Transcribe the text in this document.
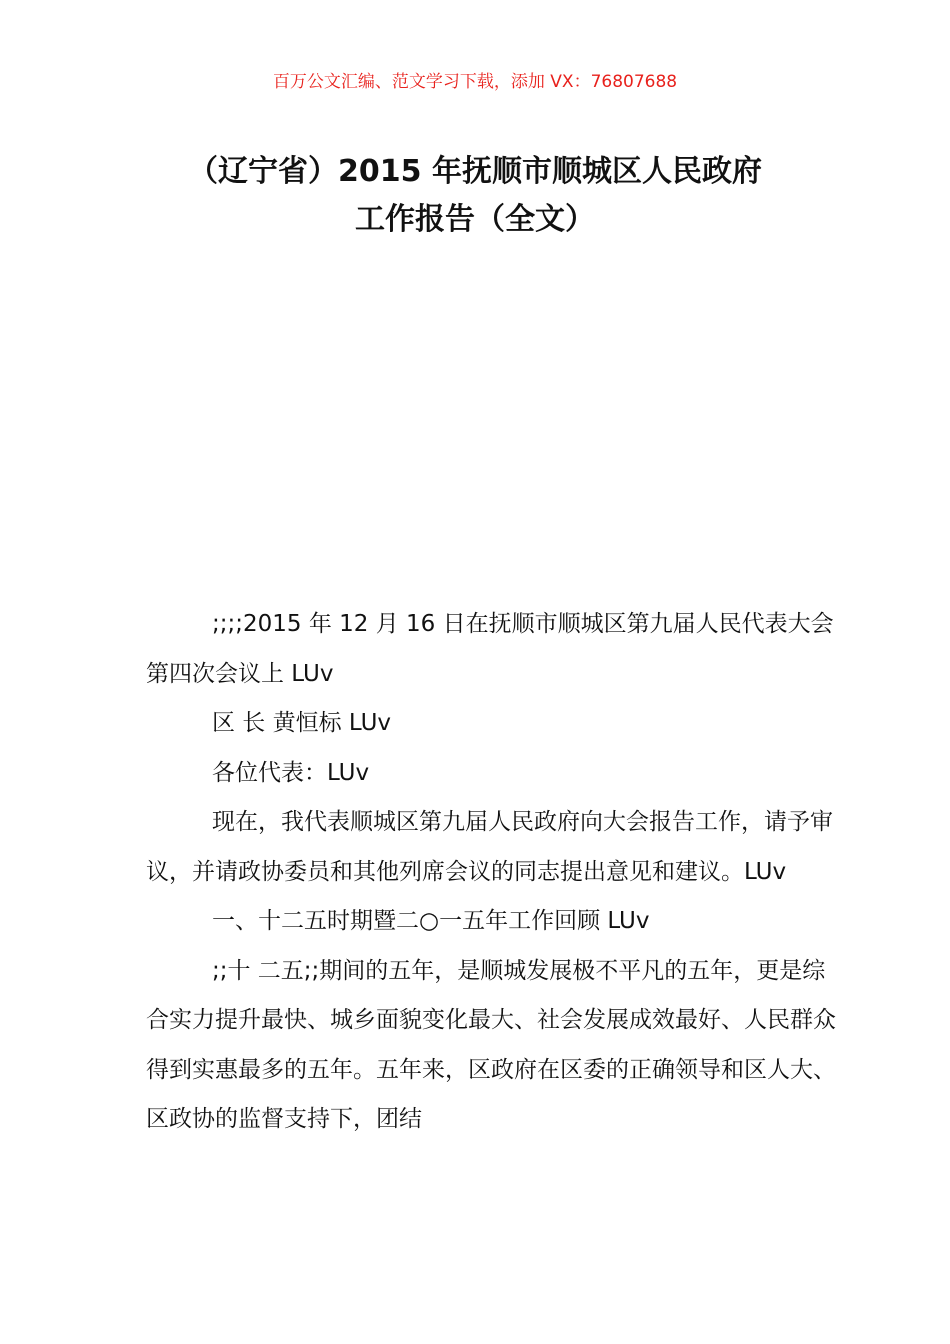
百万公文汇编、范文学习下载，添加 VX：76807688
（辽宁省）2015 年抚顺市顺城区人民政府
工作报告（全文）

;;;;2015 年 12 月 16 日在抚顺市顺城区第九届人民代表大会第四次会议上 LUv

区 长 黄恒标 LUv

各位代表：LUv

现在，我代表顺城区第九届人民政府向大会报告工作，请予审议，并请政协委员和其他列席会议的同志提出意见和建议。LUv

一、十二五时期暨二○一五年工作回顾 LUv

;;十 二五;;期间的五年，是顺城发展极不平凡的五年，更是综合实力提升最快、城乡面貌变化最大、社会发展成效最好、人民群众得到实惠最多的五年。五年来，区政府在区委的正确领导和区人大、区政协的监督支持下，团结
